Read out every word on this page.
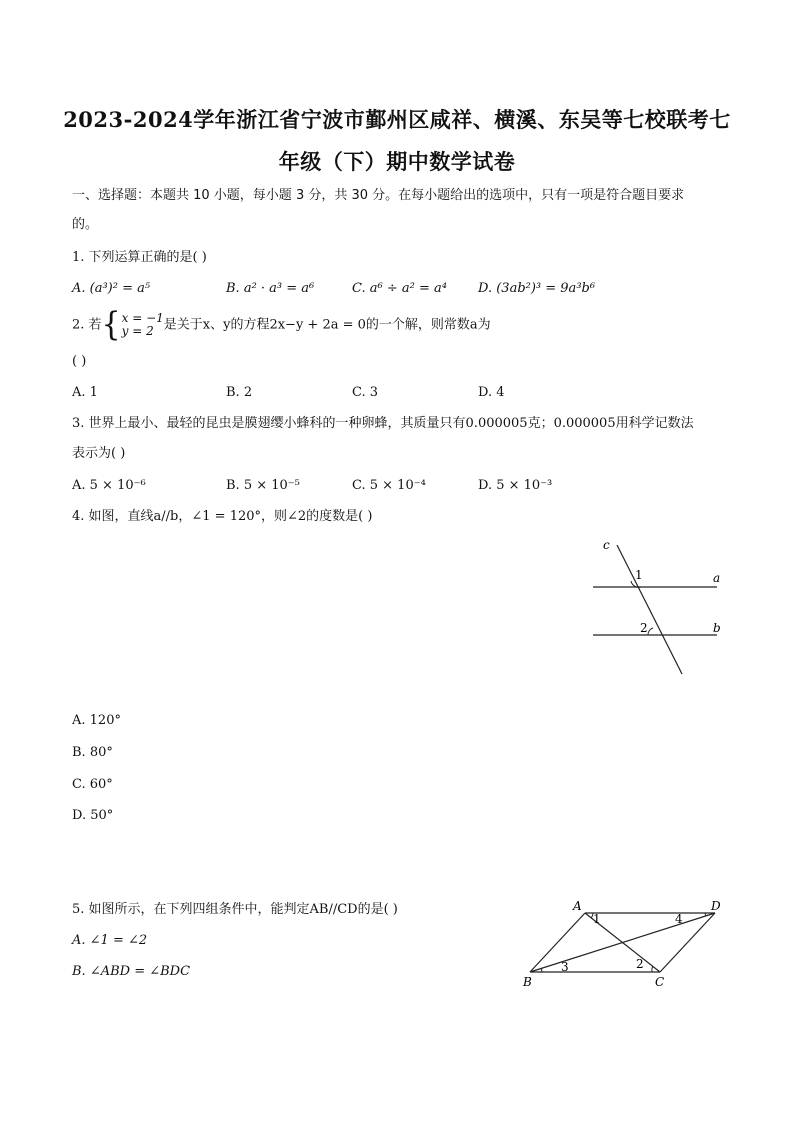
2023-2024学年浙江省宁波市鄞州区咸祥、横溪、东吴等七校联考七
年级（下）期中数学试卷
一、选择题：本题共 10 小题，每小题 3 分，共 30 分。在每小题给出的选项中，只有一项是符合题目要求
的。
1. 下列运算正确的是( )
A. (a³)² = a⁵	B. a² · a³ = a⁶	C. a⁶ ÷ a² = a⁴ D. (3ab²)³ = 9a³b⁶
2. 若{ x = −1
y = 2 是关于x、y的方程2x−y + 2a = 0的一个解，则常数a为
( )
A. 1	B. 2	C. 3	D. 4
3. 世界上最小、最轻的昆虫是膜翅缨小蜂科的一种卵蜂，其质量只有0.000005克；0.000005用科学记数法
表示为( )
A. 5 × 10⁻⁶	B. 5 × 10⁻⁵	C. 5 × 10⁻⁴	D. 5 × 10⁻³
4. 如图，直线a//b，∠1 = 120°，则∠2的度数是( )
c
a
b
1
2
A. 120°
B. 80°
C. 60°
D. 50°
5. 如图所示，在下列四组条件中，能判定AB//CD的是( )
A. ∠1 = ∠2
B. ∠ABD = ∠BDC
A	D
B	C
1	4
3	2
